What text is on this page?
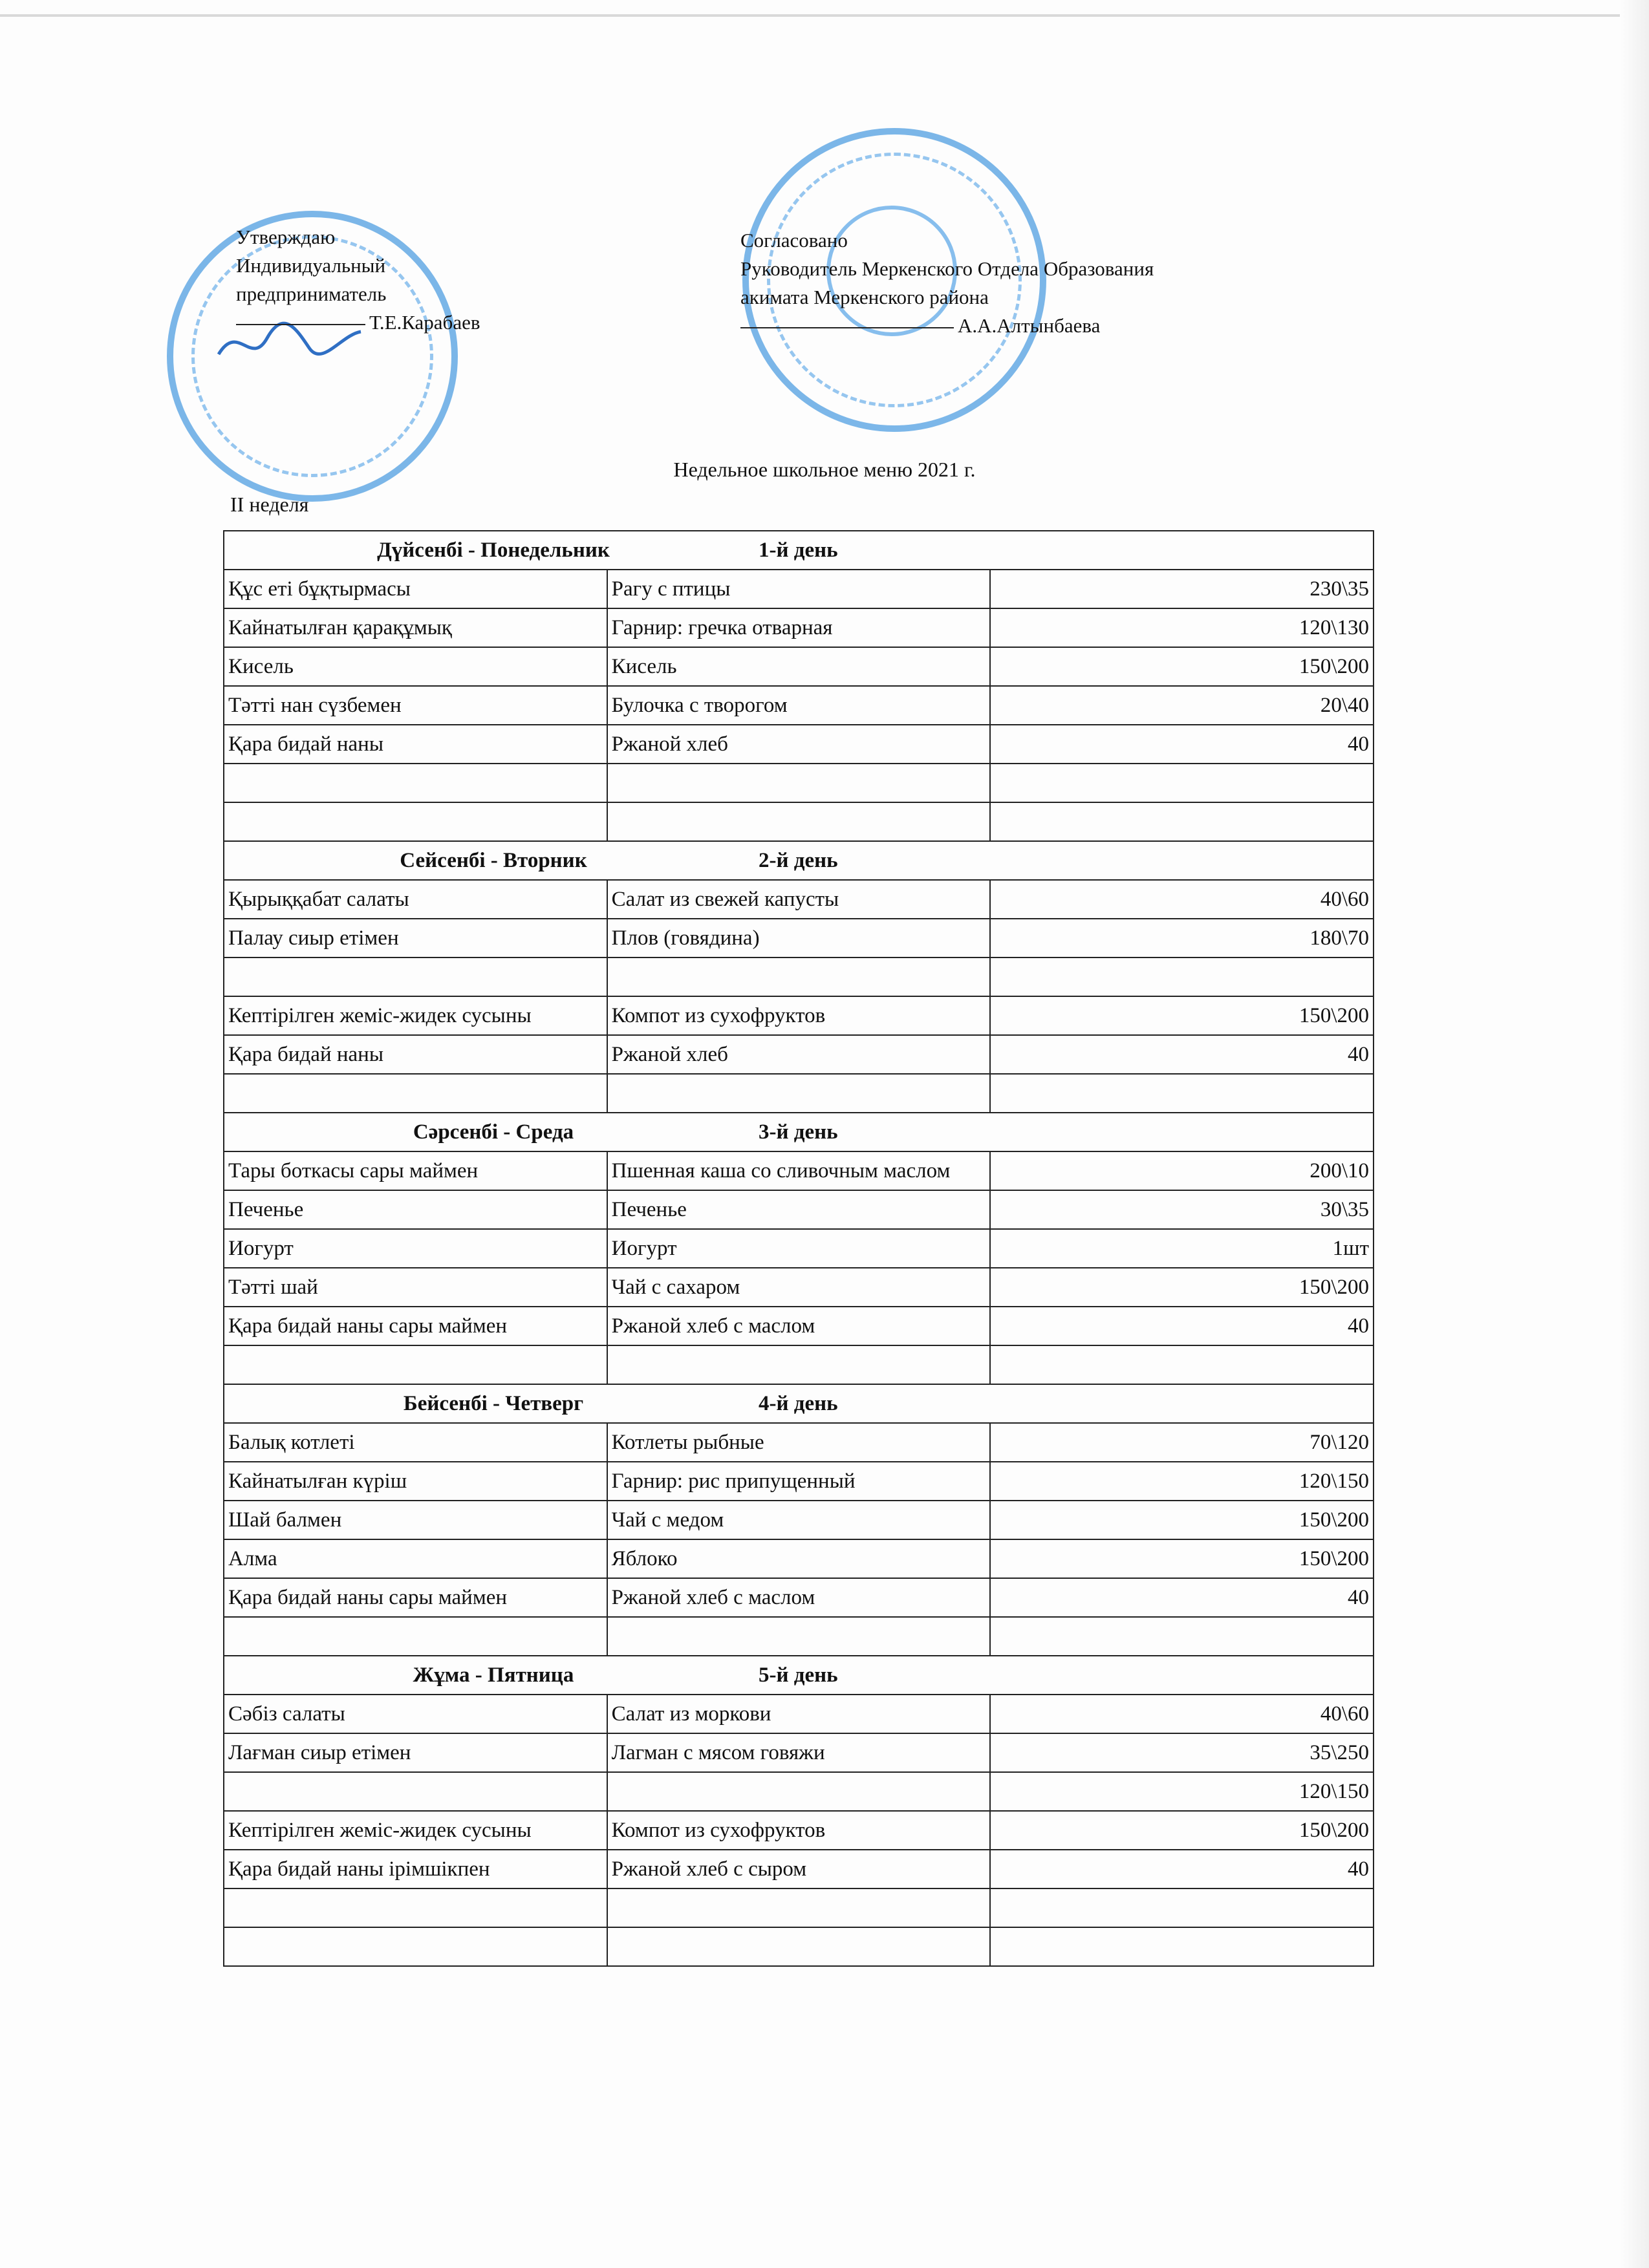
Утверждаю
Индивидуальный
предприниматель
Т.Е.Карабаев
Согласовано
Руководитель Меркенского Отдела Образования
акимата Меркенского района
А.А.Алтынбаева
Недельное школьное меню 2021 г.
II неделя
Дүйсенбі - Понедельник 1-й день		
Құс еті бұқтырмасы	Рагу с птицы	230\35
Кайнатылған қарақұмық	Гарнир: гречка отварная	120\130
Кисель	Кисель	150\200
Тәтті нан сүзбемен	Булочка с творогом	20\40
Қара бидай наны	Ржаной хлеб	40

Сейсенбі - Вторник 2-й день		
Қырыққабат салаты	Салат из свежей капусты	40\60
Палау сиыр етімен	Плов (говядина)	180\70

Кептірілген жеміс-жидек сусыны	Компот из сухофруктов	150\200
Қара бидай наны	Ржаной хлеб	40

Сәрсенбі - Среда 3-й день		
Тары боткасы сары маймен	Пшенная каша со сливочным маслом	200\10
Печенье	Печенье	30\35
Иогурт	Иогурт	1шт
Тәтті шай	Чай с сахаром	150\200
Қара бидай наны сары маймен	Ржаной хлеб с маслом	40

Бейсенбі - Четверг 4-й день		
Балық котлеті	Котлеты рыбные	70\120
Кайнатылған күріш	Гарнир: рис припущенный	120\150
Шай балмен	Чай с медом	150\200
Алма	Яблоко	150\200
Қара бидай наны сары маймен	Ржаной хлеб с маслом	40

Жұма - Пятница 5-й день		
Сәбіз салаты	Салат из моркови	40\60
Лағман сиыр етімен	Лагман с мясом говяжи	35\250
		120\150
Кептірілген жеміс-жидек сусыны	Компот из сухофруктов	150\200
Қара бидай наны ірімшікпен	Ржаной хлеб с сыром	40
